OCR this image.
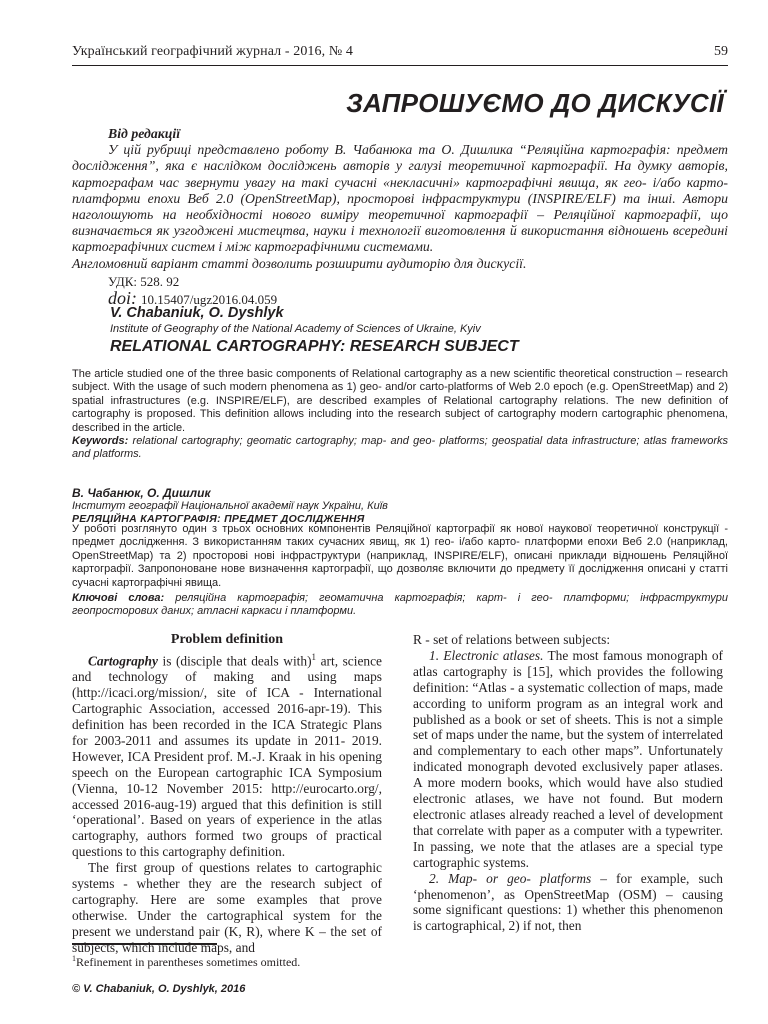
Український географічний журнал - 2016, № 4	59
ЗАПРОШУЄМО ДО ДИСКУСІЇ

Від редакції

У цій рубриці представлено роботу В. Чабанюка та О. Дишлика “Реляційна картографія: предмет дослідження”, яка є наслідком досліджень авторів у галузі теоретичної картографії. На думку авторів, картографам час звернути увагу на такі сучасні «некласичні» картографічні явища, як гео- і/або карто- платформи епохи Веб 2.0 (OpenStreetMap), просторові інфраструктури (INSPIRE/ELF) та інші. Автори наголошують на необхідності нового виміру теоретичної картографії – Реляційної картографії, що визначається як узгоджені мистецтва, науки і технології виготовлення й використання відношень всередині картографічних систем і між картографічними системами.

Англомовний варіант статті дозволить розширити аудиторію для дискусії.

УДК: 528. 92
doi: 10.15407/ugz2016.04.059
V. Chabaniuk, O. Dyshlyk
Institute of Geography of the National Academy of Sciences of Ukraine, Kyiv
RELATIONAL CARTOGRAPHY: RESEARCH SUBJECT

The article studied one of the three basic components of Relational cartography as a new scientific theoretical construction – research subject. With the usage of such modern phenomena as 1) geo- and/or carto-platforms of Web 2.0 epoch (e.g. OpenStreetMap) and 2) spatial infrastructures (e.g. INSPIRE/ELF), are described examples of Relational cartography relations. The new definition of cartography is proposed. This definition allows including into the research subject of cartography modern cartographic phenomena, described in the article.

Keywords: relational cartography; geomatic cartography; map- and geo- platforms; geospatial data infrastructure; atlas frameworks and platforms.

В. Чабанюк, О. Дишлик
Інститут географії Національної академії наук України, Київ
РЕЛЯЦІЙНА КАРТОГРАФІЯ: ПРЕДМЕТ ДОСЛІДЖЕННЯ

У роботі розглянуто один з трьох основних компонентів Реляційної картографії як нової наукової теоретичної конструкції - предмет дослідження. З використанням таких сучасних явищ, як 1) гео- і/або карто- платформи епохи Веб 2.0 (наприклад, OpenStreetMap) та 2) просторові нові інфраструктури (наприклад, INSPIRE/ELF), описані приклади відношень Реляційної картографії. Запропоноване нове визначення картографії, що дозволяє включити до предмету її дослідження описані у статті сучасні картографічні явища.

Ключові слова: реляційна картографія; геоматична картографія; карт- і гео- платформи; інфраструктури геопросторових даних; атласні каркаси і платформи.

Problem definition

Cartography is (disciple that deals with)$^1$ art, science and technology of making and using maps (http://icaci.org/mission/, site of ICA - International Cartographic Association, accessed 2016-apr-19). This definition has been recorded in the ICA Strategic Plans for 2003-2011 and assumes its update in 2011- 2019. However, ICA President prof. M.-J. Kraak in his opening speech on the European cartographic ICA Symposium (Vienna, 10-12 November 2015: http://eurocarto.org/, accessed 2016-aug-19) argued that this definition is still ‘operational’. Based on years of experience in the atlas cartography, authors formed two groups of practical questions to this cartography definition.

The first group of questions relates to cartographic systems - whether they are the research subject of cartography. Here are some examples that prove otherwise. Under the cartographical system for the present we understand pair (K, R), where K – the set of subjects, which include maps, and

R - set of relations between subjects:

1. Electronic atlases. The most famous monograph of atlas cartography is [15], which provides the following definition: “Atlas - a systematic collection of maps, made according to uniform program as an integral work and published as a book or set of sheets. This is not a simple set of maps under the name, but the system of interrelated and complementary to each other maps”. Unfortunately indicated monograph devoted exclusively paper atlases. A more modern books, which would have also studied electronic atlases, we have not found. But modern electronic atlases already reached a level of development that correlate with paper as a computer with a typewriter. In passing, we note that the atlases are a special type cartographic systems.

2. Map- or geo- platforms – for example, such ‘phenomenon’, as OpenStreetMap (OSM) – causing some significant questions: 1) whether this phenomenon is cartographical, 2) if not, then

$^1$Refinement in parentheses sometimes omitted.
© V. Chabaniuk, O. Dyshlyk, 2016
